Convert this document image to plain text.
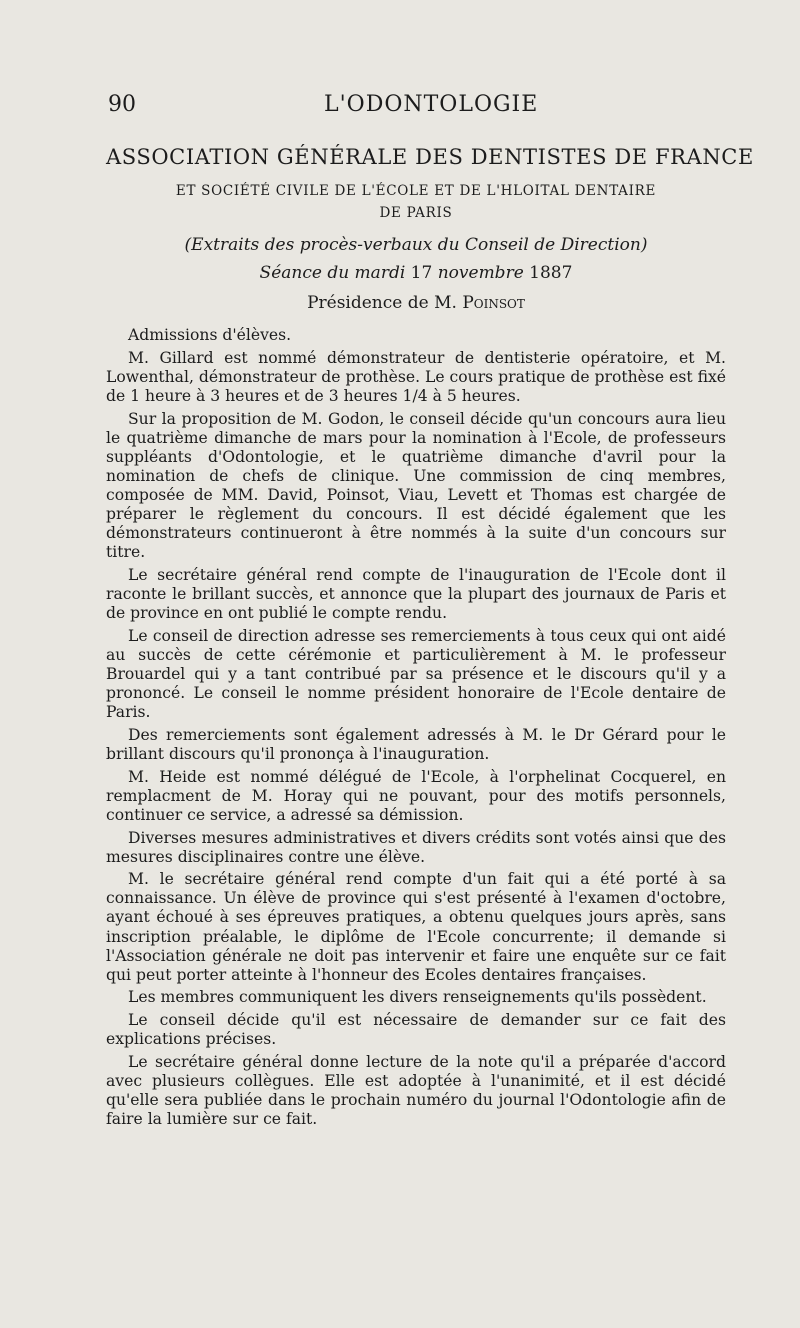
90	L'ODONTOLOGIE
ASSOCIATION GÉNÉRALE DES DENTISTES DE FRANCE
ET SOCIÉTÉ CIVILE DE L'ÉCOLE ET DE L'HLOITAL DENTAIRE
DE PARIS
(Extraits des procès-verbaux du Conseil de Direction)
Séance du mardi 17 novembre 1887
Présidence de M. Poinsot

Admissions d'élèves.

M. Gillard est nommé démonstrateur de dentisterie opératoire, et M. Lowenthal, démonstrateur de prothèse. Le cours pratique de prothèse est fixé de 1 heure à 3 heures et de 3 heures 1/4 à 5 heures.

Sur la proposition de M. Godon, le conseil décide qu'un concours aura lieu le quatrième dimanche de mars pour la nomination à l'Ecole, de professeurs suppléants d'Odontologie, et le quatrième dimanche d'avril pour la nomination de chefs de clinique. Une commission de cinq membres, composée de MM. David, Poinsot, Viau, Levett et Thomas est chargée de préparer le règlement du concours. Il est décidé également que les démonstrateurs continueront à être nommés à la suite d'un concours sur titre.

Le secrétaire général rend compte de l'inauguration de l'Ecole dont il raconte le brillant succès, et annonce que la plupart des journaux de Paris et de province en ont publié le compte rendu.

Le conseil de direction adresse ses remerciements à tous ceux qui ont aidé au succès de cette cérémonie et particulièrement à M. le professeur Brouardel qui y a tant contribué par sa présence et le discours qu'il y a prononcé. Le conseil le nomme président honoraire de l'Ecole dentaire de Paris.

Des remerciements sont également adressés à M. le Dr Gérard pour le brillant discours qu'il prononça à l'inauguration.

M. Heide est nommé délégué de l'Ecole, à l'orphelinat Cocquerel, en remplacment de M. Horay qui ne pouvant, pour des motifs personnels, continuer ce service, a adressé sa démission.

Diverses mesures administratives et divers crédits sont votés ainsi que des mesures disciplinaires contre une élève.

M. le secrétaire général rend compte d'un fait qui a été porté à sa connaissance. Un élève de province qui s'est présenté à l'examen d'octobre, ayant échoué à ses épreuves pratiques, a obtenu quelques jours après, sans inscription préalable, le diplôme de l'Ecole concurrente; il demande si l'Association générale ne doit pas intervenir et faire une enquête sur ce fait qui peut porter atteinte à l'honneur des Ecoles dentaires françaises.

Les membres communiquent les divers renseignements qu'ils possèdent.

Le conseil décide qu'il est nécessaire de demander sur ce fait des explications précises.

Le secrétaire général donne lecture de la note qu'il a préparée d'accord avec plusieurs collègues. Elle est adoptée à l'unanimité, et il est décidé qu'elle sera publiée dans le prochain numéro du journal l'Odontologie afin de faire la lumière sur ce fait.
